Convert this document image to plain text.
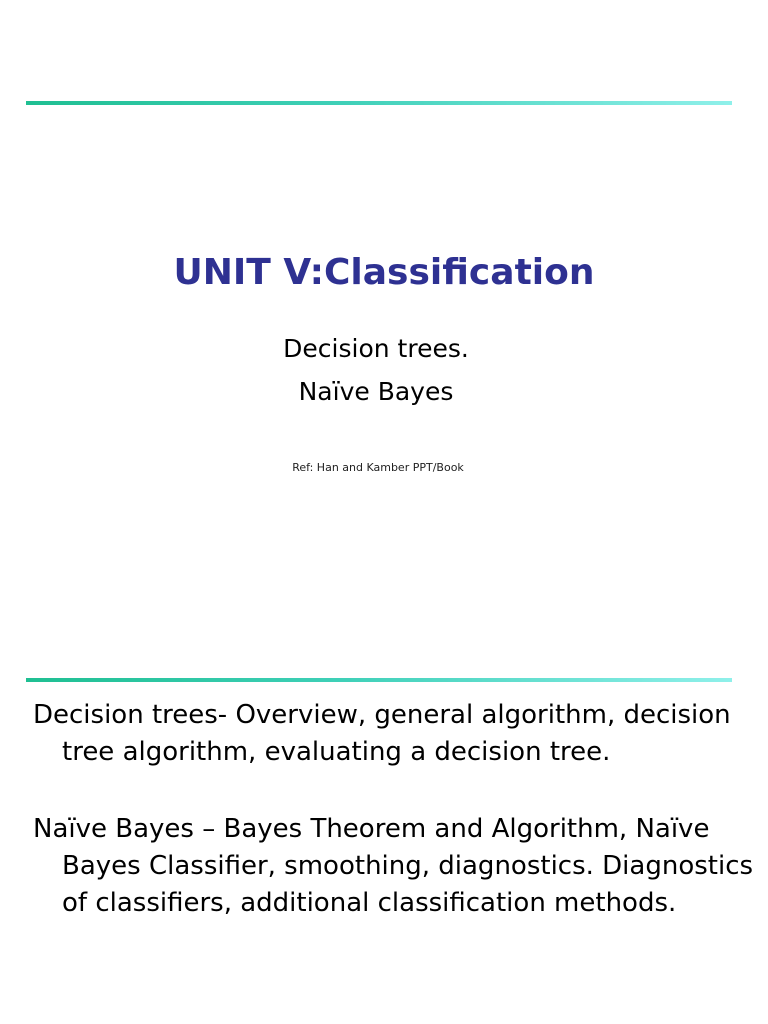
UNIT V:Classification

Decision trees.

Naïve Bayes

Ref: Han and Kamber PPT/Book

Decision trees- Overview, general algorithm, decision tree algorithm, evaluating a decision tree.

Naïve Bayes – Bayes Theorem and Algorithm, Naïve Bayes Classifier, smoothing, diagnostics. Diagnostics of classifiers, additional classification methods.
